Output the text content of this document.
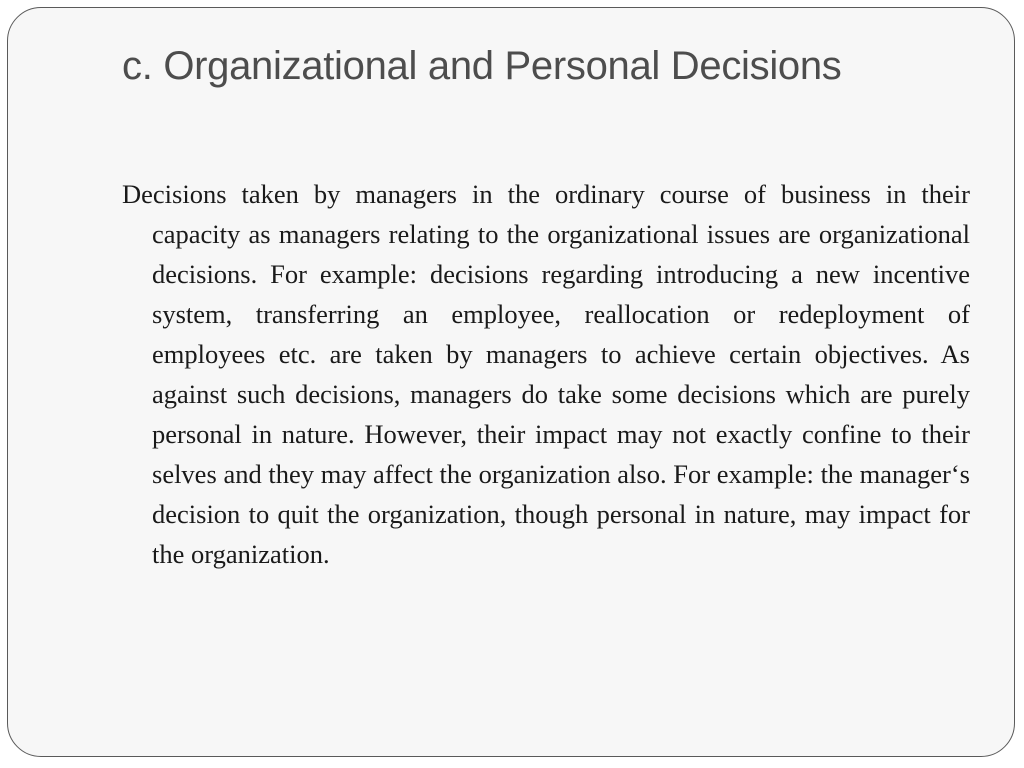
c. Organizational and Personal Decisions

Decisions taken by managers in the ordinary course of business in their capacity as managers relating to the organizational issues are organizational decisions. For example: decisions regarding introducing a new incentive system, transferring an employee, reallocation or redeployment of employees etc. are taken by managers to achieve certain objectives. As against such decisions, managers do take some decisions which are purely personal in nature. However, their impact may not exactly confine to their selves and they may affect the organization also. For example: the manager‘s decision to quit the organization, though personal in nature, may impact for the organization.
